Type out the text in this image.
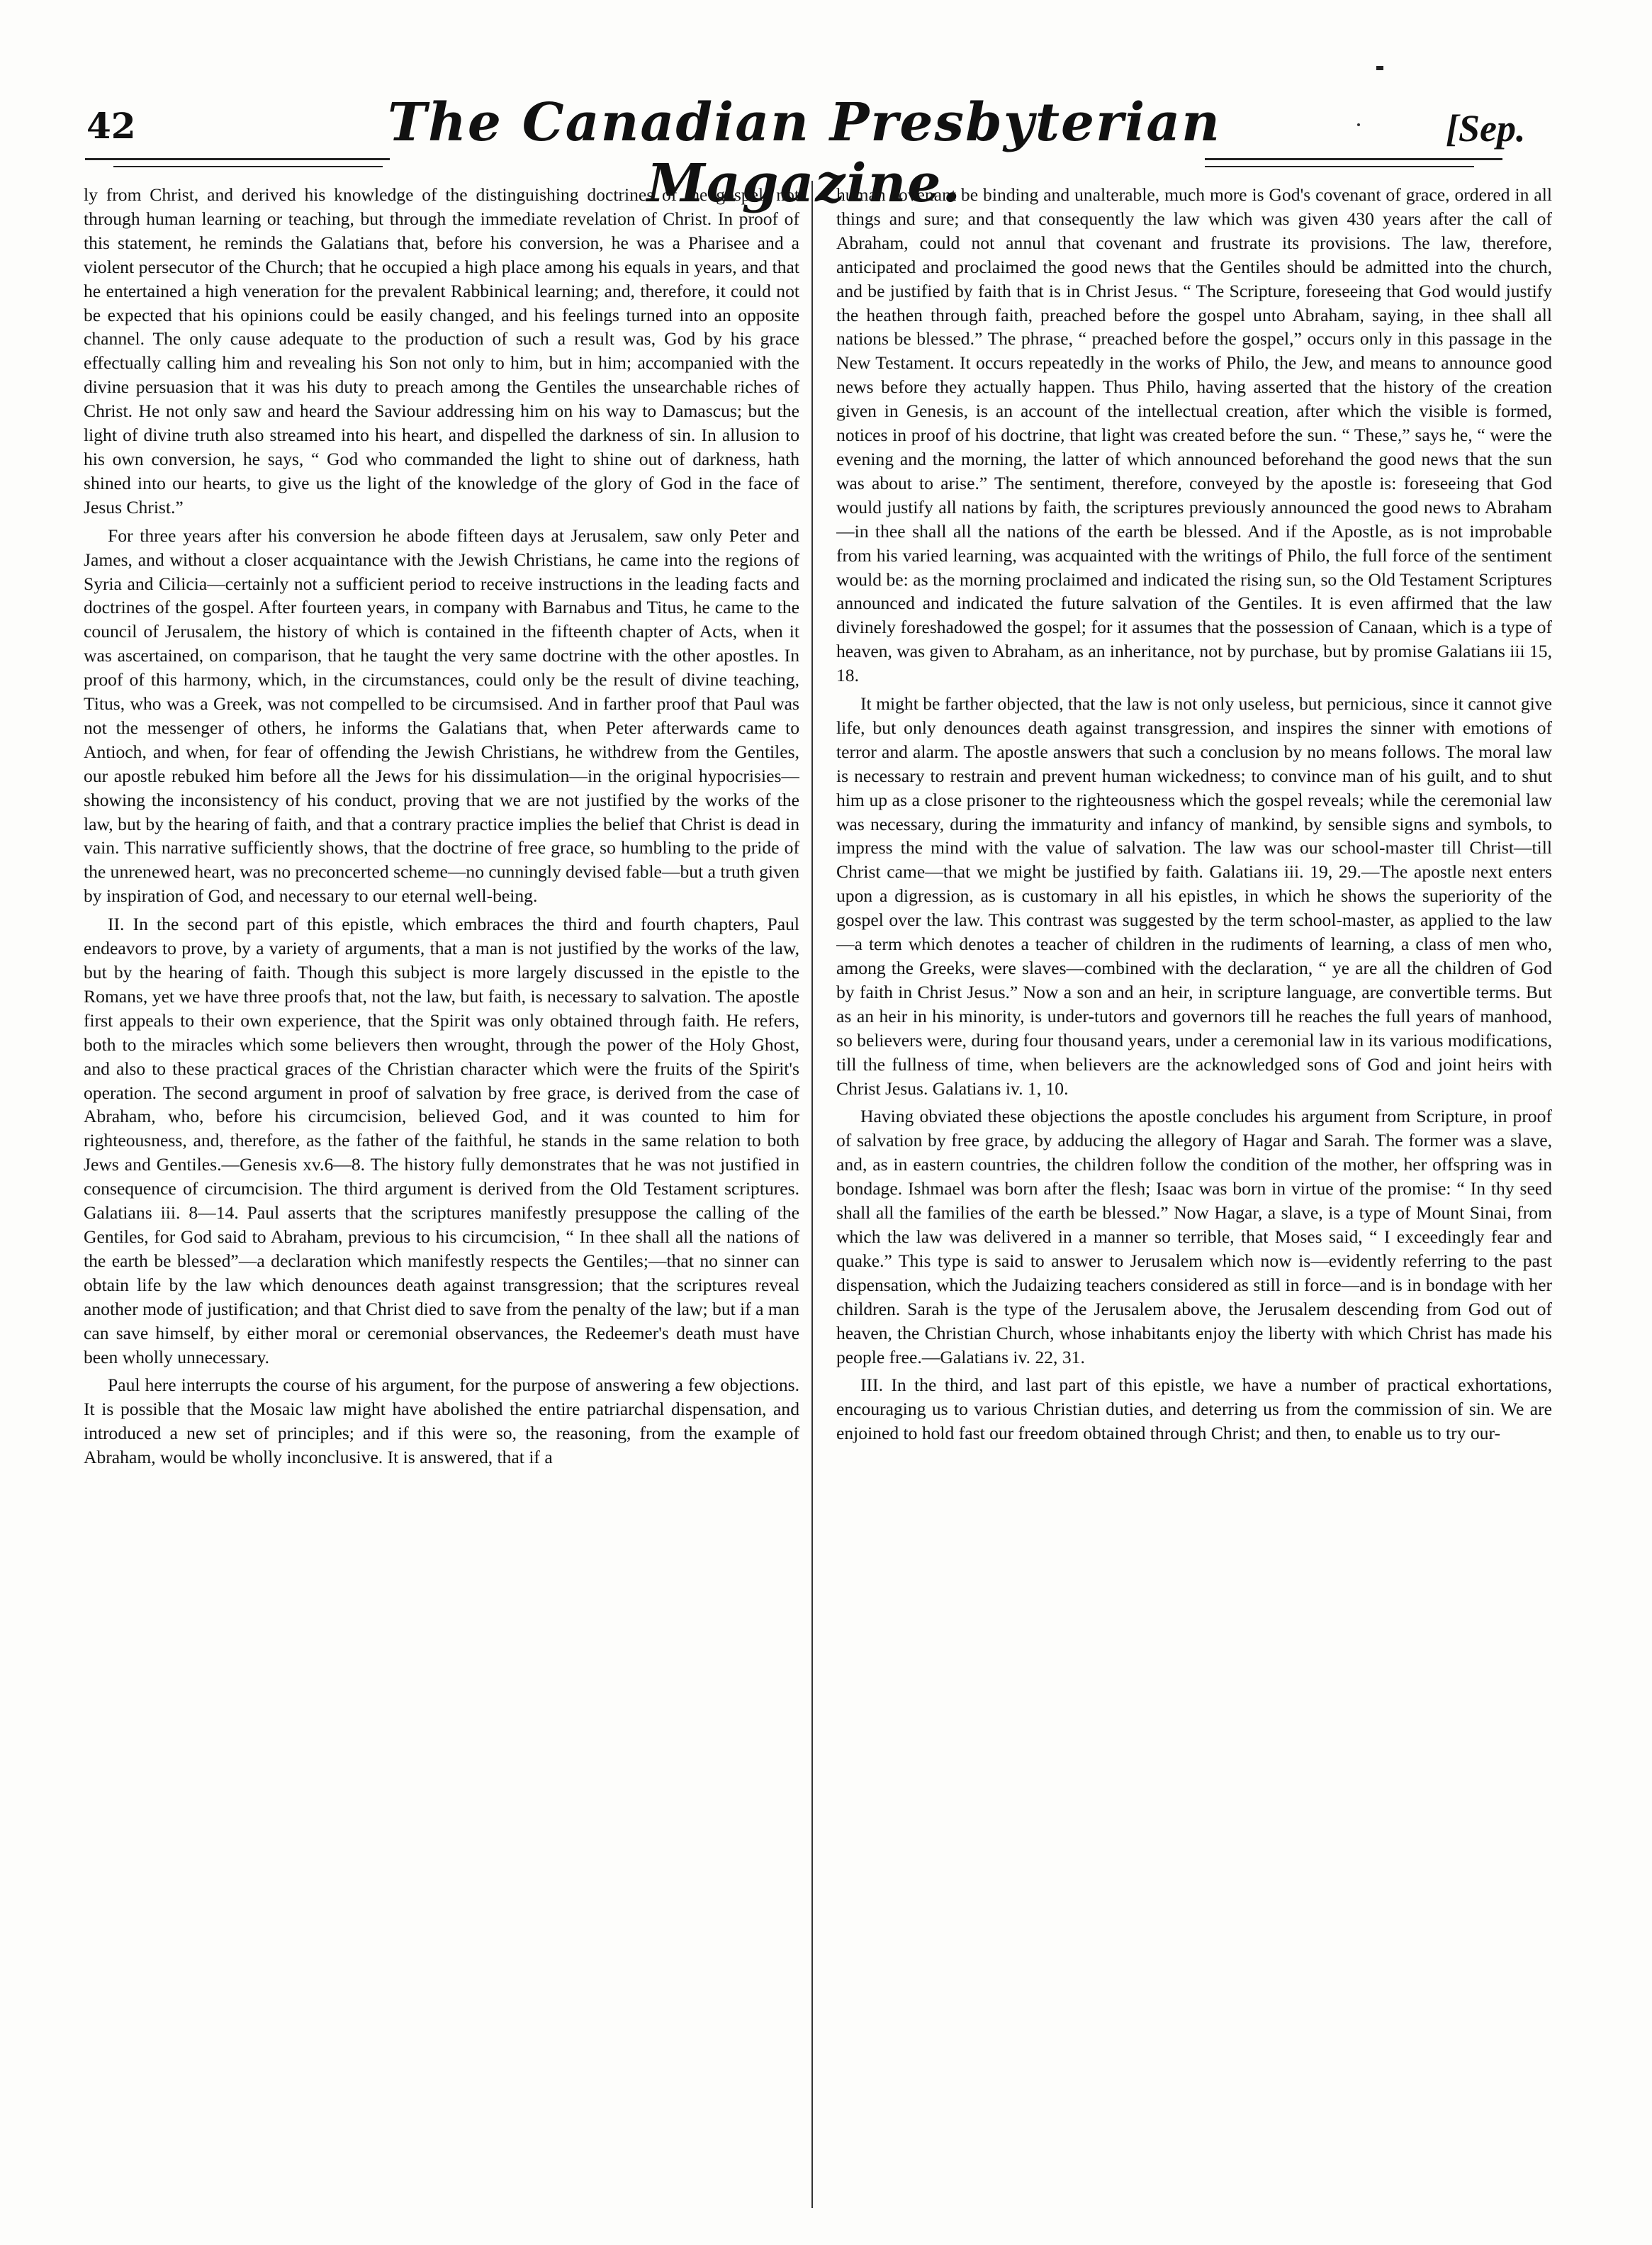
42	The Canadian Presbyterian Magazine.
[Sep.

ly from Christ, and derived his knowledge of the distinguishing doctrines of the gospel, not through human learning or teaching, but through the immediate revelation of Christ. In proof of this statement, he reminds the Galatians that, before his conversion, he was a Pharisee and a violent persecutor of the Church; that he occupied a high place among his equals in years, and that he entertained a high veneration for the prevalent Rabbinical learning; and, therefore, it could not be expected that his opinions could be easily changed, and his feelings turned into an opposite channel. The only cause adequate to the production of such a result was, God by his grace effectually calling him and revealing his Son not only to him, but in him; accompanied with the divine persuasion that it was his duty to preach among the Gentiles the unsearchable riches of Christ. He not only saw and heard the Saviour addressing him on his way to Damascus; but the light of divine truth also streamed into his heart, and dispelled the darkness of sin. In allusion to his own conversion, he says, “ God who commanded the light to shine out of darkness, hath shined into our hearts, to give us the light of the knowledge of the glory of God in the face of Jesus Christ.”

For three years after his conversion he abode fifteen days at Jerusalem, saw only Peter and James, and without a closer acquaintance with the Jewish Christians, he came into the regions of Syria and Cilicia—certainly not a sufficient period to receive instructions in the leading facts and doctrines of the gospel. After fourteen years, in company with Barnabus and Titus, he came to the council of Jerusalem, the history of which is contained in the fifteenth chapter of Acts, when it was ascertained, on comparison, that he taught the very same doctrine with the other apostles. In proof of this harmony, which, in the circumstances, could only be the result of divine teaching, Titus, who was a Greek, was not compelled to be circumsised. And in farther proof that Paul was not the messenger of others, he informs the Galatians that, when Peter afterwards came to Antioch, and when, for fear of offending the Jewish Christians, he withdrew from the Gentiles, our apostle rebuked him before all the Jews for his dissimulation—in the original hypocrisies—showing the inconsistency of his conduct, proving that we are not justified by the works of the law, but by the hearing of faith, and that a contrary practice implies the belief that Christ is dead in vain. This narrative sufficiently shows, that the doctrine of free grace, so humbling to the pride of the unrenewed heart, was no preconcerted scheme—no cunningly devised fable—but a truth given by inspiration of God, and necessary to our eternal well-being.

II. In the second part of this epistle, which embraces the third and fourth chapters, Paul endeavors to prove, by a variety of arguments, that a man is not justified by the works of the law, but by the hearing of faith. Though this subject is more largely discussed in the epistle to the Romans, yet we have three proofs that, not the law, but faith, is necessary to salvation. The apostle first appeals to their own experience, that the Spirit was only obtained through faith. He refers, both to the miracles which some believers then wrought, through the power of the Holy Ghost, and also to these practical graces of the Christian character which were the fruits of the Spirit's operation. The second argument in proof of salvation by free grace, is derived from the case of Abraham, who, before his circumcision, believed God, and it was counted to him for righteousness, and, therefore, as the father of the faithful, he stands in the same relation to both Jews and Gentiles.—Genesis xv.6—8. The history fully demonstrates that he was not justified in consequence of circumcision. The third argument is derived from the Old Testament scriptures. Galatians iii. 8—14. Paul asserts that the scriptures manifestly presuppose the calling of the Gentiles, for God said to Abraham, previous to his circumcision, “ In thee shall all the nations of the earth be blessed”—a declaration which manifestly respects the Gentiles;—that no sinner can obtain life by the law which denounces death against transgression; that the scriptures reveal another mode of justification; and that Christ died to save from the penalty of the law; but if a man can save himself, by either moral or ceremonial observances, the Redeemer's death must have been wholly unnecessary.

Paul here interrupts the course of his argument, for the purpose of answering a few objections. It is possible that the Mosaic law might have abolished the entire patriarchal dispensation, and introduced a new set of principles; and if this were so, the reasoning, from the example of Abraham, would be wholly inconclusive. It is answered, that if a

human covenant be binding and unalterable, much more is God's covenant of grace, ordered in all things and sure; and that consequently the law which was given 430 years after the call of Abraham, could not annul that covenant and frustrate its provisions. The law, therefore, anticipated and proclaimed the good news that the Gentiles should be admitted into the church, and be justified by faith that is in Christ Jesus. “ The Scripture, foreseeing that God would justify the heathen through faith, preached before the gospel unto Abraham, saying, in thee shall all nations be blessed.” The phrase, “ preached before the gospel,” occurs only in this passage in the New Testament. It occurs repeatedly in the works of Philo, the Jew, and means to announce good news before they actually happen. Thus Philo, having asserted that the history of the creation given in Genesis, is an account of the intellectual creation, after which the visible is formed, notices in proof of his doctrine, that light was created before the sun. “ These,” says he, “ were the evening and the morning, the latter of which announced beforehand the good news that the sun was about to arise.” The sentiment, therefore, conveyed by the apostle is: foreseeing that God would justify all nations by faith, the scriptures previously announced the good news to Abraham—in thee shall all the nations of the earth be blessed. And if the Apostle, as is not improbable from his varied learning, was acquainted with the writings of Philo, the full force of the sentiment would be: as the morning proclaimed and indicated the rising sun, so the Old Testament Scriptures announced and indicated the future salvation of the Gentiles. It is even affirmed that the law divinely foreshadowed the gospel; for it assumes that the possession of Canaan, which is a type of heaven, was given to Abraham, as an inheritance, not by purchase, but by promise Galatians iii 15, 18.

It might be farther objected, that the law is not only useless, but pernicious, since it cannot give life, but only denounces death against transgression, and inspires the sinner with emotions of terror and alarm. The apostle answers that such a conclusion by no means follows. The moral law is necessary to restrain and prevent human wickedness; to convince man of his guilt, and to shut him up as a close prisoner to the righteousness which the gospel reveals; while the ceremonial law was necessary, during the immaturity and infancy of mankind, by sensible signs and symbols, to impress the mind with the value of salvation. The law was our school-master till Christ—till Christ came—that we might be justified by faith. Galatians iii. 19, 29.—The apostle next enters upon a digression, as is customary in all his epistles, in which he shows the superiority of the gospel over the law. This contrast was suggested by the term school-master, as applied to the law—a term which denotes a teacher of children in the rudiments of learning, a class of men who, among the Greeks, were slaves—combined with the declaration, “ ye are all the children of God by faith in Christ Jesus.” Now a son and an heir, in scripture language, are convertible terms. But as an heir in his minority, is under-tutors and governors till he reaches the full years of manhood, so believers were, during four thousand years, under a ceremonial law in its various modifications, till the fullness of time, when believers are the acknowledged sons of God and joint heirs with Christ Jesus. Galatians iv. 1, 10.

Having obviated these objections the apostle concludes his argument from Scripture, in proof of salvation by free grace, by adducing the allegory of Hagar and Sarah. The former was a slave, and, as in eastern countries, the children follow the condition of the mother, her offspring was in bondage. Ishmael was born after the flesh; Isaac was born in virtue of the promise: “ In thy seed shall all the families of the earth be blessed.” Now Hagar, a slave, is a type of Mount Sinai, from which the law was delivered in a manner so terrible, that Moses said, “ I exceedingly fear and quake.” This type is said to answer to Jerusalem which now is—evidently referring to the past dispensation, which the Judaizing teachers considered as still in force—and is in bondage with her children. Sarah is the type of the Jerusalem above, the Jerusalem descending from God out of heaven, the Christian Church, whose inhabitants enjoy the liberty with which Christ has made his people free.—Galatians iv. 22, 31.

III. In the third, and last part of this epistle, we have a number of practical exhortations, encouraging us to various Christian duties, and deterring us from the commission of sin. We are enjoined to hold fast our freedom obtained through Christ; and then, to enable us to try our-
